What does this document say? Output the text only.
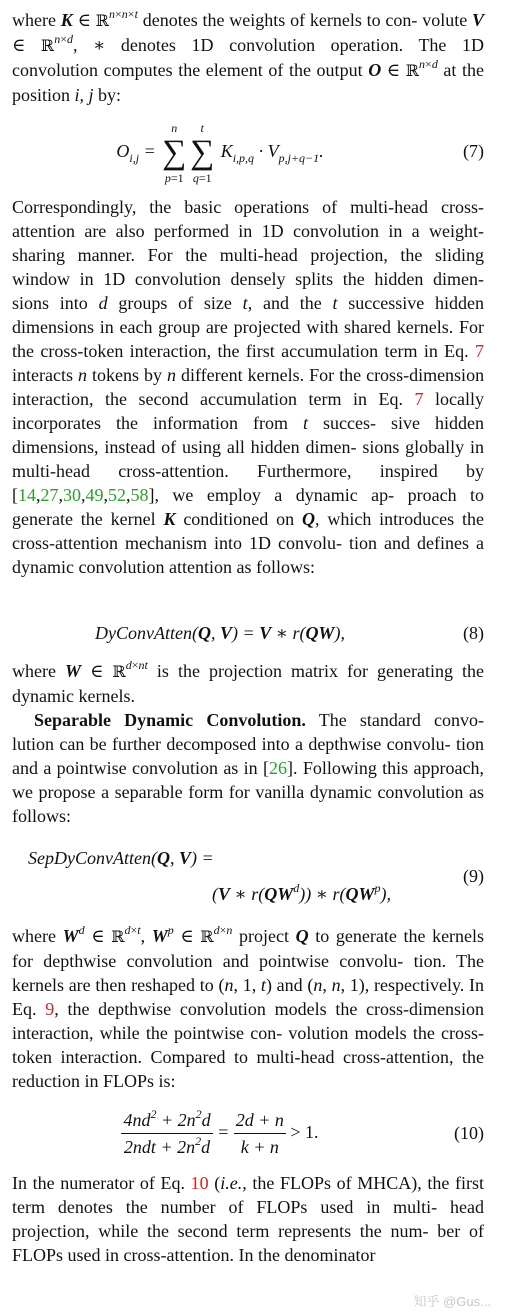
where K ∈ ℝ$^{n\times n\times t}$ denotes the weights of kernels to con- volute V ∈ ℝ$^{n\times d}$, ∗ denotes 1D convolution operation. The 1D convolution computes the element of the output O ∈ ℝ$^{n\times d}$ at the position i, j by:

$O_{i,j}$ =
n
∑
p=1
t
∑
q=1
$K_{i,p,q} \cdot V_{p,j+q-1}$.	(7)

Correspondingly, the basic operations of multi-head cross- attention are also performed in 1D convolution in a weight- sharing manner. For the multi-head projection, the sliding window in 1D convolution densely splits the hidden dimen- sions into d groups of size t, and the t successive hidden dimensions in each group are projected with shared kernels. For the cross-token interaction, the first accumulation term in Eq. 7 interacts n tokens by n different kernels. For the cross-dimension interaction, the second accumulation term in Eq. 7 locally incorporates the information from t succes- sive hidden dimensions, instead of using all hidden dimen- sions globally in multi-head cross-attention. Furthermore, inspired by [14,27,30,49,52,58], we employ a dynamic ap- proach to generate the kernel K conditioned on Q, which introduces the cross-attention mechanism into 1D convolu- tion and defines a dynamic convolution attention as follows:

DyConvAtten(Q, V) = V ∗ r(QW),	(8)

where W ∈ ℝ$^{d\times nt}$ is the projection matrix for generating the dynamic kernels.

Separable Dynamic Convolution. The standard convo- lution can be further decomposed into a depthwise convolu- tion and a pointwise convolution as in [26]. Following this approach, we propose a separable form for vanilla dynamic convolution as follows:

SepDyConvAtten(Q, V) =
(V ∗ $r(QW^d)$) ∗ $r(QW^p)$,
(9)

where $W^d$ ∈ ℝ$^{d\times t}$, $W^p$ ∈ ℝ$^{d\times n}$ project Q to generate the kernels for depthwise convolution and pointwise convolu- tion. The kernels are then reshaped to (n, 1, t) and (n, n, 1), respectively. In Eq. 9, the depthwise convolution models the cross-dimension interaction, while the pointwise con- volution models the cross-token interaction. Compared to multi-head cross-attention, the reduction in FLOPs is:

$\frac{4nd^2 + 2n^2d}{2ndt + 2n^2d} = \frac{2d + n}{k + n} > 1$.	(10)

In the numerator of Eq. 10 (i.e., the FLOPs of MHCA), the first term denotes the number of FLOPs used in multi- head projection, while the second term represents the num- ber of FLOPs used in cross-attention. In the denominator

知乎 @Gus...
